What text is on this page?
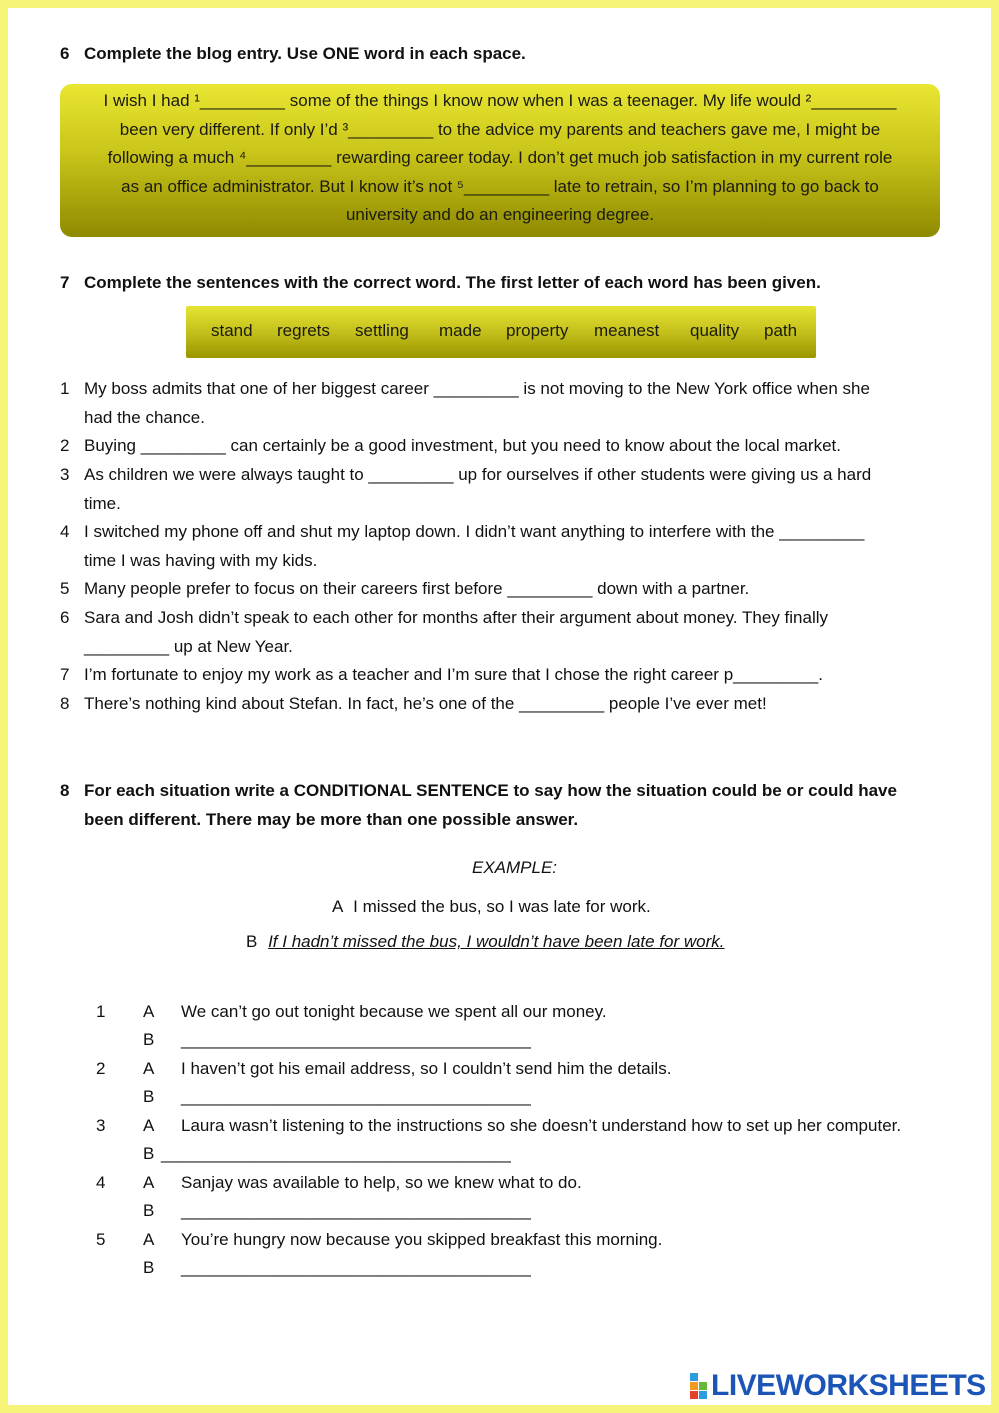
6 Complete the blog entry. Use ONE word in each space.
I wish I had ¹_________ some of the things I know now when I was a teenager. My life would ²_________
been very different. If only I’d ³_________ to the advice my parents and teachers gave me, I might be
following a much ⁴_________ rewarding career today. I don’t get much job satisfaction in my current role
as an office administrator. But I know it’s not ⁵_________ late to retrain, so I’m planning to go back to
university and do an engineering degree.
7 Complete the sentences with the correct word. The first letter of each word has been given.
stand regrets settling made property meanest quality path
1 My boss admits that one of her biggest career _________ is not moving to the New York office when she
had the chance.
2 Buying _________ can certainly be a good investment, but you need to know about the local market.
3 As children we were always taught to _________ up for ourselves if other students were giving us a hard
time.
4 I switched my phone off and shut my laptop down. I didn’t want anything to interfere with the _________
time I was having with my kids.
5 Many people prefer to focus on their careers first before _________ down with a partner.
6 Sara and Josh didn’t speak to each other for months after their argument about money. They finally
_________ up at New Year.
7 I’m fortunate to enjoy my work as a teacher and I’m sure that I chose the right career p_________.
8 There’s nothing kind about Stefan. In fact, he’s one of the _________ people I’ve ever met!
8 For each situation write a CONDITIONAL SENTENCE to say how the situation could be or could have
been different. There may be more than one possible answer.
EXAMPLE:
A I missed the bus, so I was late for work.
B If I hadn’t missed the bus, I wouldn’t have been late for work.
1 A We can’t go out tonight because we spent all our money.
B _____________________________________
2 A I haven’t got his email address, so I couldn’t send him the details.
B _____________________________________
3 A Laura wasn’t listening to the instructions so she doesn’t understand how to set up her computer.
B _____________________________________
4 A Sanjay was available to help, so we knew what to do.
B _____________________________________
5 A You’re hungry now because you skipped breakfast this morning.
B _____________________________________
LIVEWORKSHEETS
